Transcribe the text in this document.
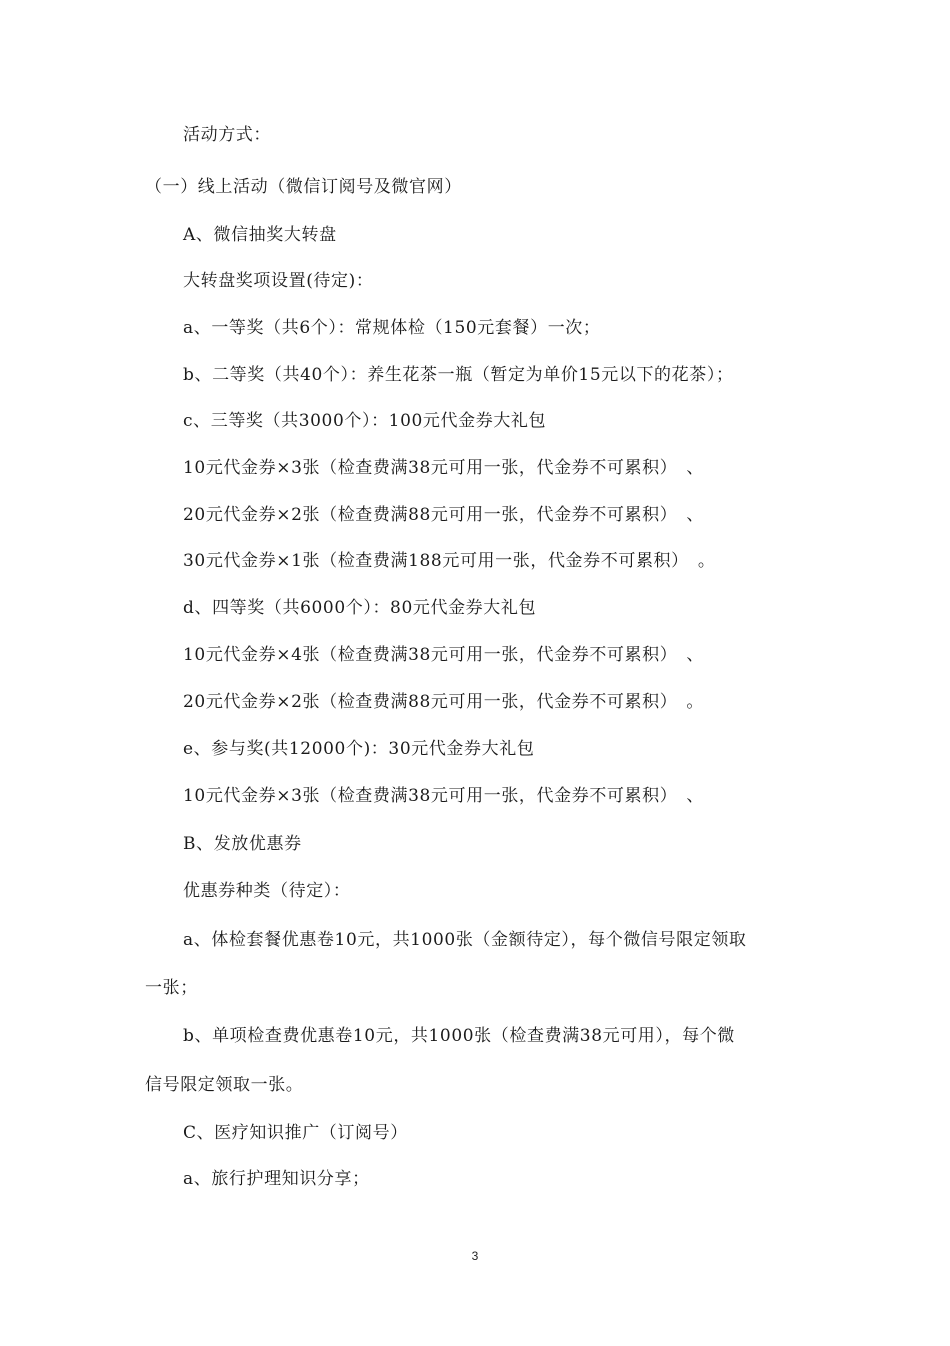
活动方式：
（一）线上活动（微信订阅号及微官网）
A、微信抽奖大转盘
大转盘奖项设置(待定)：
a、一等奖（共6个）：常规体检（150元套餐）一次；
b、二等奖（共40个）：养生花茶一瓶（暂定为单价15元以下的花茶）；
c、三等奖（共3000个）：100元代金券大礼包
10元代金券×3张（检查费满38元可用一张，代金券不可累积）　、
20元代金券×2张（检查费满88元可用一张，代金券不可累积）　、
30元代金券×1张（检查费满188元可用一张，代金券不可累积）　。
d、四等奖（共6000个）：80元代金券大礼包
10元代金券×4张（检查费满38元可用一张，代金券不可累积）　、
20元代金券×2张（检查费满88元可用一张，代金券不可累积）　。
e、参与奖(共12000个)：30元代金券大礼包
10元代金券×3张（检查费满38元可用一张，代金券不可累积）　、
B、发放优惠券
优惠券种类（待定）：
a、体检套餐优惠卷10元，共1000张（金额待定），每个微信号限定领取
一张；
b、单项检查费优惠卷10元，共1000张（检查费满38元可用），每个微
信号限定领取一张。
C、医疗知识推广（订阅号）
a、旅行护理知识分享；
3
